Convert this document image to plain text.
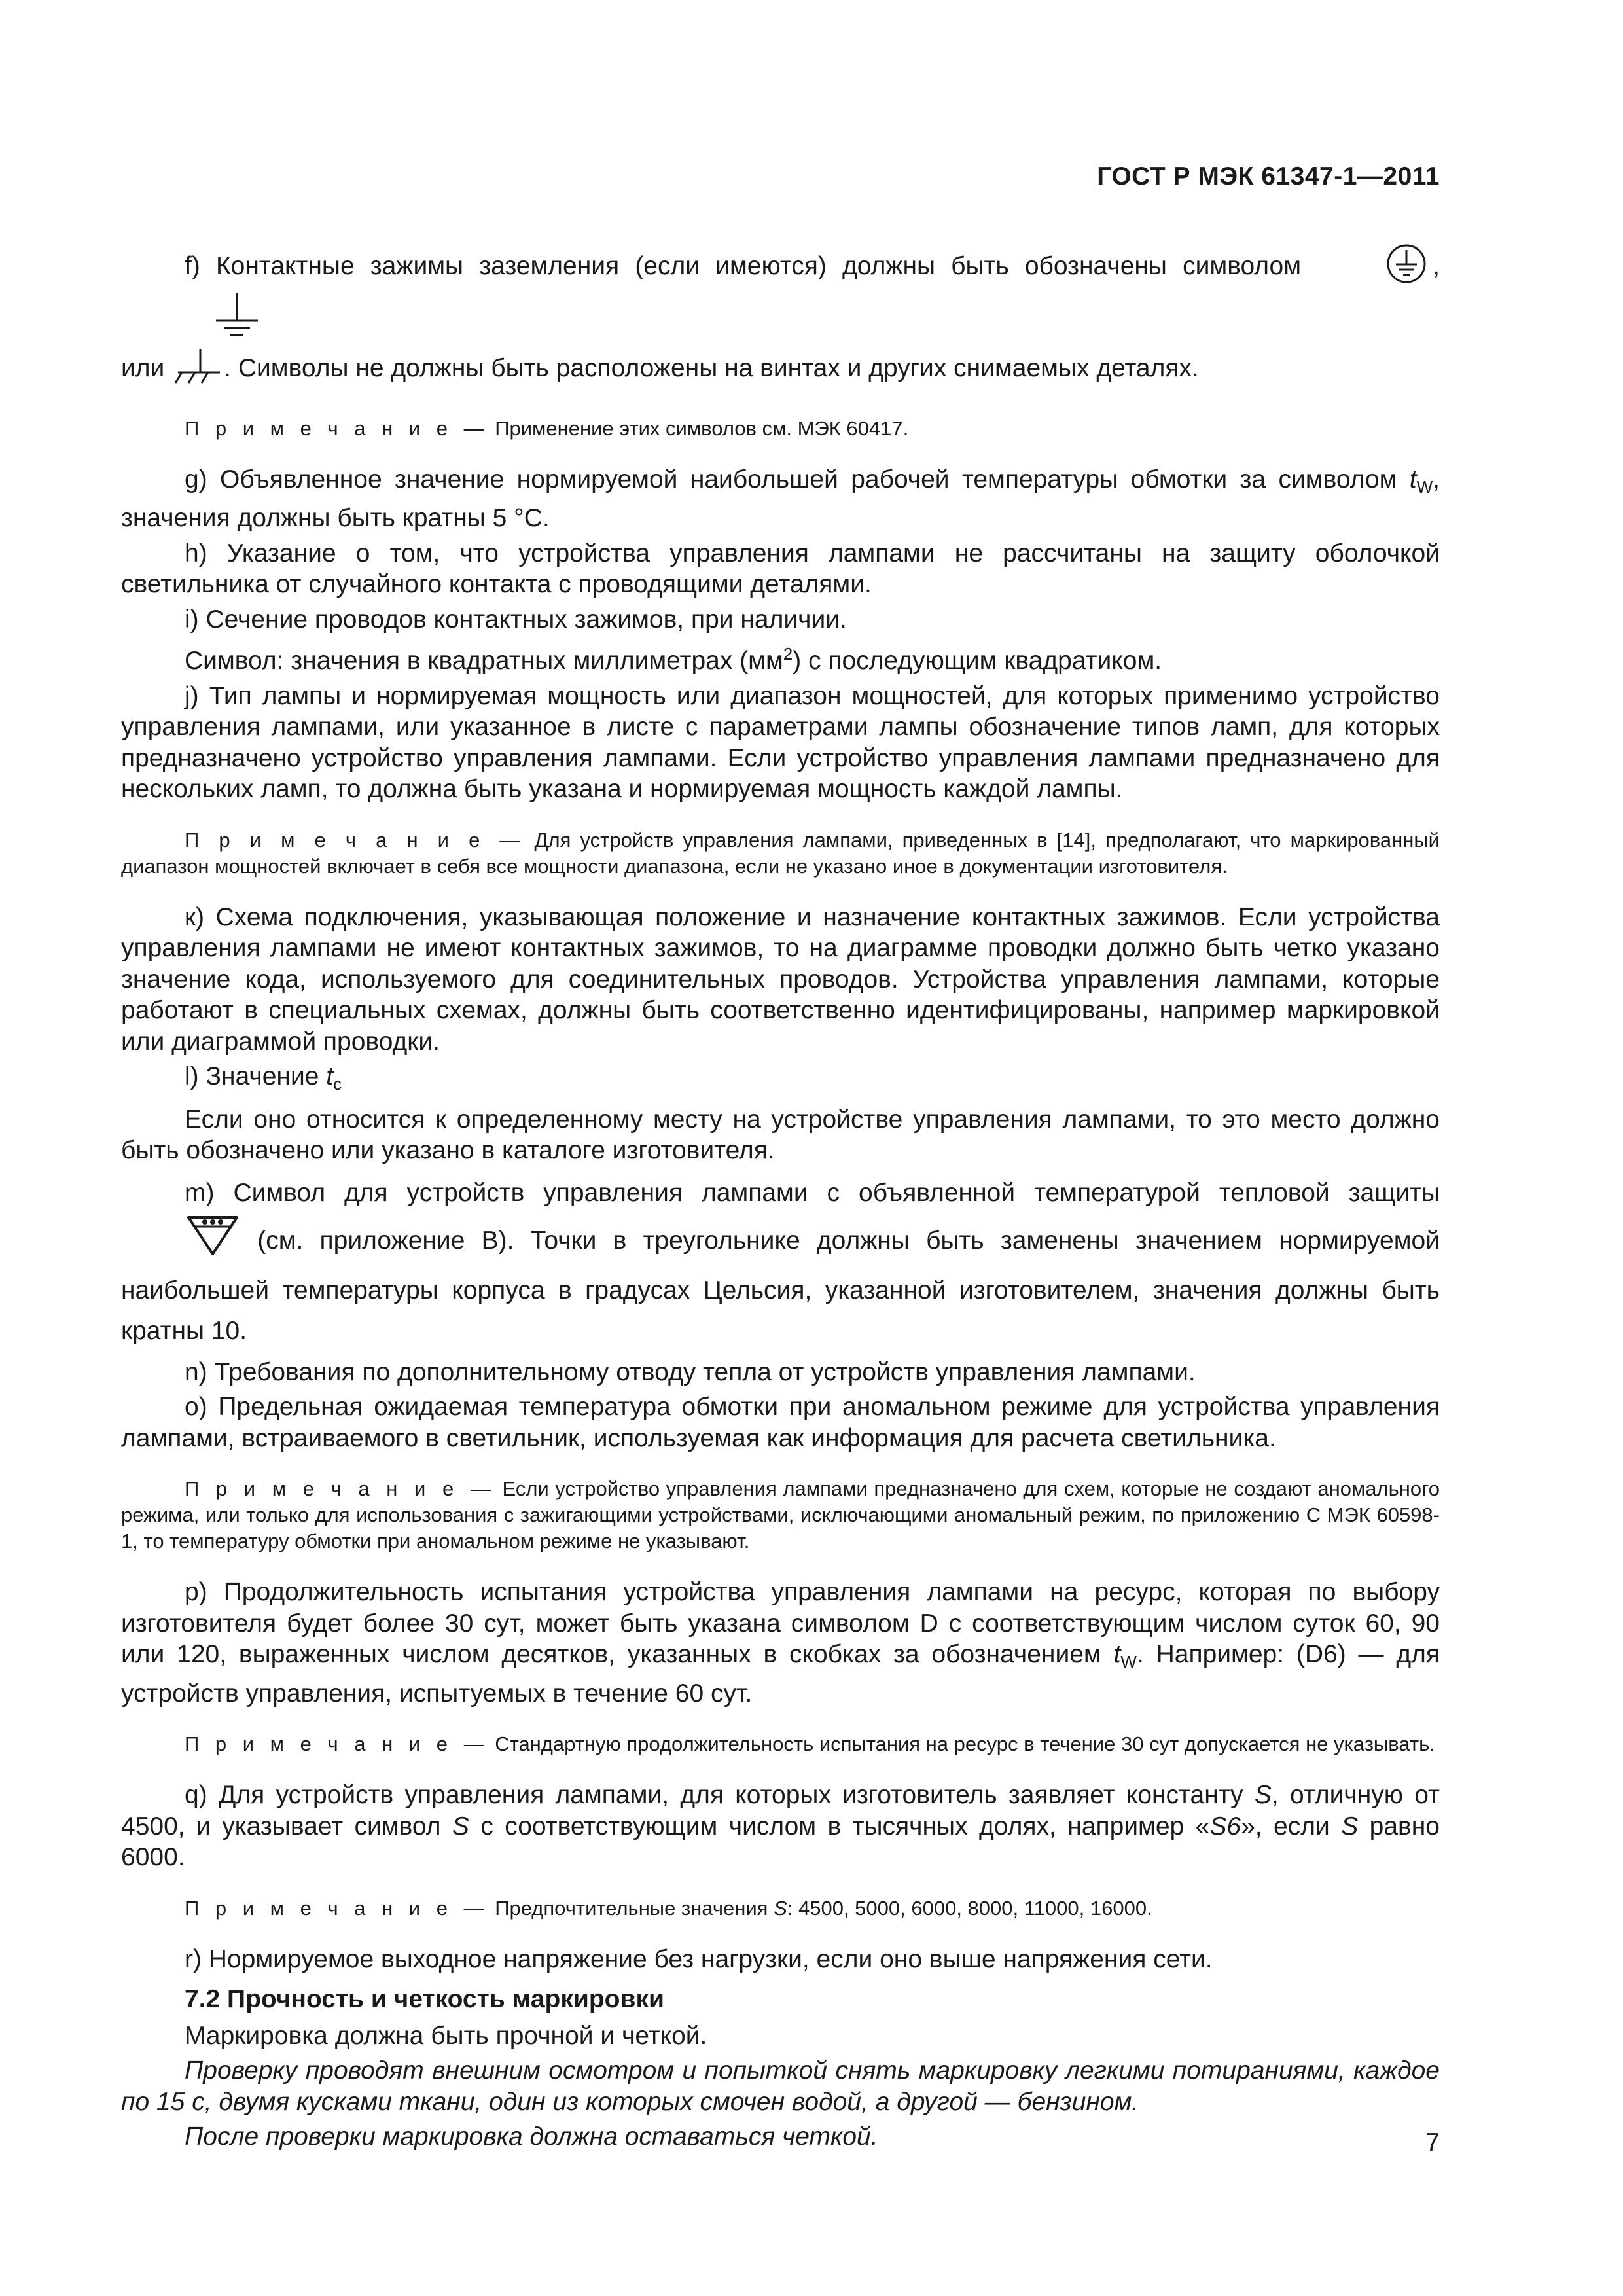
ГОСТ Р МЭК 61347-1—2011

f) Контактные зажимы заземления (если имеются) должны быть обозначены символом	,

или . Символы не должны быть расположены на винтах и других снимаемых деталях.

П р и м е ч а н и е — Применение этих символов см. МЭК 60417.

g) Объявленное значение нормируемой наибольшей рабочей температуры обмотки за символом $t_W$, значения должны быть кратны 5 °С.

h) Указание о том, что устройства управления лампами не рассчитаны на защиту оболочкой светильника от случайного контакта с проводящими деталями.

i) Сечение проводов контактных зажимов, при наличии.

Символ: значения в квадратных миллиметрах $(мм^2)$ с последующим квадратиком.

j) Тип лампы и нормируемая мощность или диапазон мощностей, для которых применимо устройство управления лампами, или указанное в листе с параметрами лампы обозначение типов ламп, для которых предназначено устройство управления лампами. Если устройство управления лампами предназначено для нескольких ламп, то должна быть указана и нормируемая мощность каждой лампы.

П р и м е ч а н и е — Для устройств управления лампами, приведенных в [14], предполагают, что маркированный диапазон мощностей включает в себя все мощности диапазона, если не указано иное в документации изготовителя.

к) Схема подключения, указывающая положение и назначение контактных зажимов. Если устройства управления лампами не имеют контактных зажимов, то на диаграмме проводки должно быть четко указано значение кода, используемого для соединительных проводов. Устройства управления лампами, которые работают в специальных схемах, должны быть соответственно идентифицированы, например маркировкой или диаграммой проводки.

l) Значение $t_c$

Если оно относится к определенному месту на устройстве управления лампами, то это место должно быть обозначено или указано в каталоге изготовителя.

m) Символ для устройств управления лампами с объявленной температурой тепловой защиты  (см. приложение В). Точки в треугольнике должны быть заменены значением нормируемой наибольшей температуры корпуса в градусах Цельсия, указанной изготовителем, значения должны быть кратны 10.

n) Требования по дополнительному отводу тепла от устройств управления лампами.

o) Предельная ожидаемая температура обмотки при аномальном режиме для устройства управления лампами, встраиваемого в светильник, используемая как информация для расчета светильника.

П р и м е ч а н и е — Если устройство управления лампами предназначено для схем, которые не создают аномального режима, или только для использования с зажигающими устройствами, исключающими аномальный режим, по приложению С МЭК 60598-1, то температуру обмотки при аномальном режиме не указывают.

р) Продолжительность испытания устройства управления лампами на ресурс, которая по выбору изготовителя будет более 30 сут, может быть указана символом D с соответствующим числом суток 60, 90 или 120, выраженных числом десятков, указанных в скобках за обозначением $t_W$. Например: (D6) — для устройств управления, испытуемых в течение 60 сут.

П р и м е ч а н и е — Стандартную продолжительность испытания на ресурс в течение 30 сут допускается не указывать.

q) Для устройств управления лампами, для которых изготовитель заявляет константу S, отличную от 4500, и указывает символ S с соответствующим числом в тысячных долях, например «S6», если S равно 6000.

П р и м е ч а н и е — Предпочтительные значения S: 4500, 5000, 6000, 8000, 11000, 16000.

r) Нормируемое выходное напряжение без нагрузки, если оно выше напряжения сети.

7.2 Прочность и четкость маркировки

Маркировка должна быть прочной и четкой.

Проверку проводят внешним осмотром и попыткой снять маркировку легкими потираниями, каждое по 15 с, двумя кусками ткани, один из которых смочен водой, а другой — бензином.

После проверки маркировка должна оставаться четкой.	7
